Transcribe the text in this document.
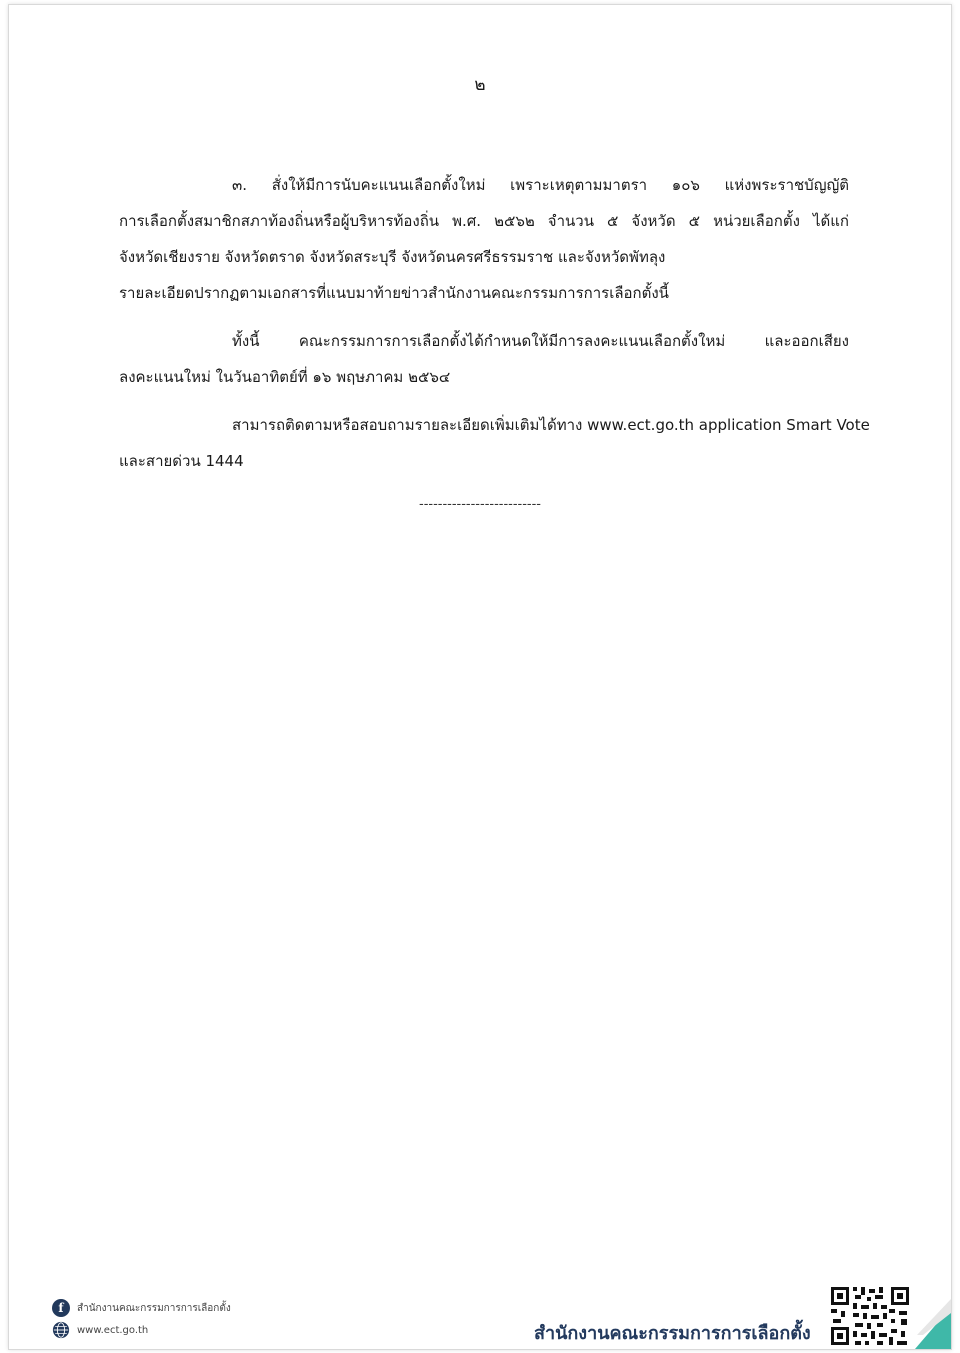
๒
๓. สั่งให้มีการนับคะแนนเลือกตั้งใหม่ เพราะเหตุตามมาตรา ๑๐๖ แห่งพระราชบัญญัติ
การเลือกตั้งสมาชิกสภาท้องถิ่นหรือผู้บริหารท้องถิ่น พ.ศ. ๒๕๖๒ จำนวน ๕ จังหวัด ๕ หน่วยเลือกตั้ง ได้แก่
จังหวัดเชียงราย จังหวัดตราด จังหวัดสระบุรี จังหวัดนครศรีธรรมราช และจังหวัดพัทลุง
รายละเอียดปรากฏตามเอกสารที่แนบมาท้ายข่าวสำนักงานคณะกรรมการการเลือกตั้งนี้
ทั้งนี้ คณะกรรมการการเลือกตั้งได้กำหนดให้มีการลงคะแนนเลือกตั้งใหม่ และออกเสียง
ลงคะแนนใหม่ ในวันอาทิตย์ที่ ๑๖ พฤษภาคม ๒๕๖๔
สามารถติดตามหรือสอบถามรายละเอียดเพิ่มเติมได้ทาง www.ect.go.th application Smart Vote
และสายด่วน 1444
--------------------------
f	สำนักงานคณะกรรมการการเลือกตั้ง
www.ect.go.th	สำนักงานคณะกรรมการการเลือกตั้ง
